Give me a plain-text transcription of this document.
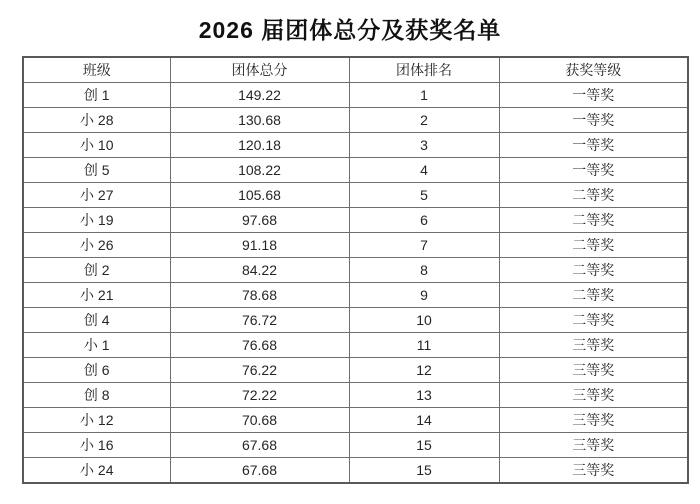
2026 届团体总分及获奖名单
班级	团体总分	团体排名	获奖等级
创 1	149.22	1	一等奖
小 28	130.68	2	一等奖
小 10	120.18	3	一等奖
创 5	108.22	4	一等奖
小 27	105.68	5	二等奖
小 19	97.68	6	二等奖
小 26	91.18	7	二等奖
创 2	84.22	8	二等奖
小 21	78.68	9	二等奖
创 4	76.72	10	二等奖
小 1	76.68	11	三等奖
创 6	76.22	12	三等奖
创 8	72.22	13	三等奖
小 12	70.68	14	三等奖
小 16	67.68	15	三等奖
小 24	67.68	15	三等奖
